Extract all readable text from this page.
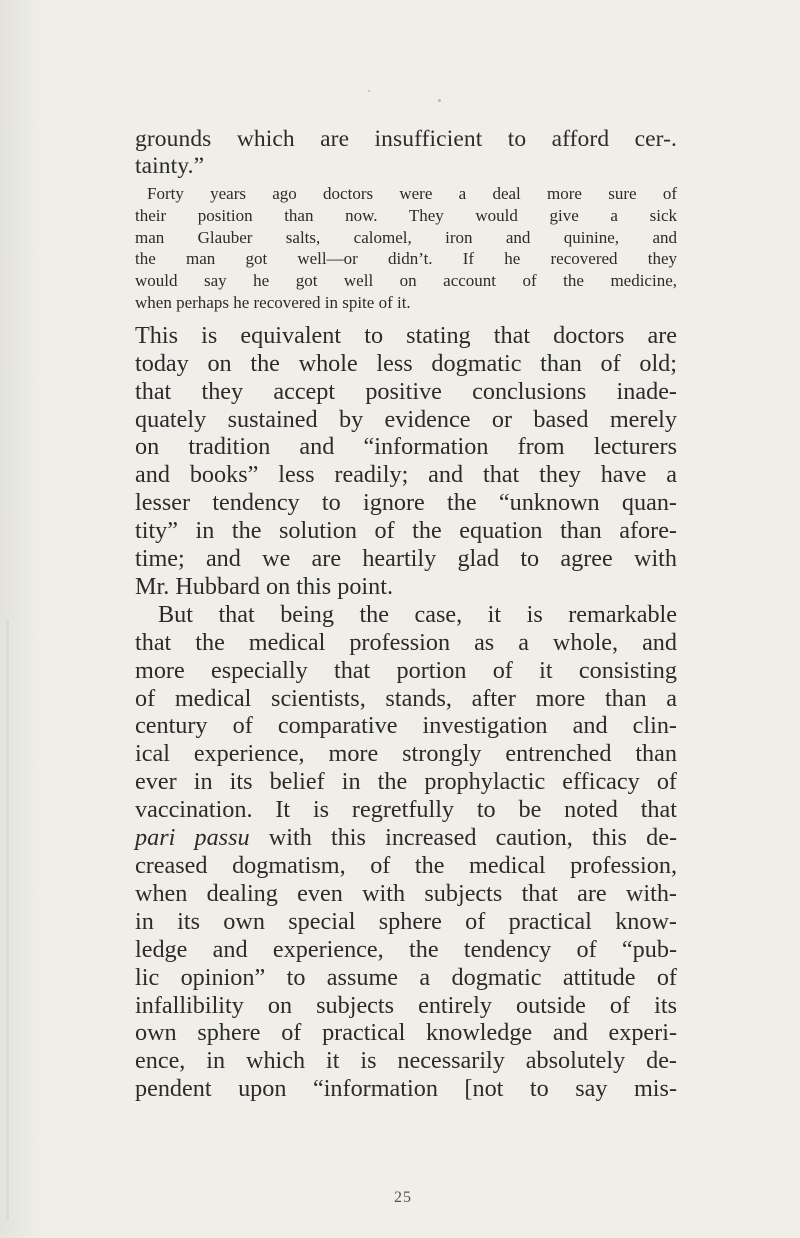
grounds which are insufficient to afford cer-.
tainty.”
Forty years ago doctors were a deal more sure of
their position than now. They would give a sick
man Glauber salts, calomel, iron and quinine, and
the man got well—or didn’t. If he recovered they
would say he got well on account of the medicine,
when perhaps he recovered in spite of it.
This is equivalent to stating that doctors are
today on the whole less dogmatic than of old;
that they accept positive conclusions inade-
quately sustained by evidence or based merely
on tradition and “information from lecturers
and books” less readily; and that they have a
lesser tendency to ignore the “unknown quan-
tity” in the solution of the equation than afore-
time; and we are heartily glad to agree with
Mr. Hubbard on this point.
But that being the case, it is remarkable
that the medical profession as a whole, and
more especially that portion of it consisting
of medical scientists, stands, after more than a
century of comparative investigation and clin-
ical experience, more strongly entrenched than
ever in its belief in the prophylactic efficacy of
vaccination. It is regretfully to be noted that
pari passu with this increased caution, this de-
creased dogmatism, of the medical profession,
when dealing even with subjects that are with-
in its own special sphere of practical know-
ledge and experience, the tendency of “pub-
lic opinion” to assume a dogmatic attitude of
infallibility on subjects entirely outside of its
own sphere of practical knowledge and experi-
ence, in which it is necessarily absolutely de-
pendent upon “information [not to say mis-
25
